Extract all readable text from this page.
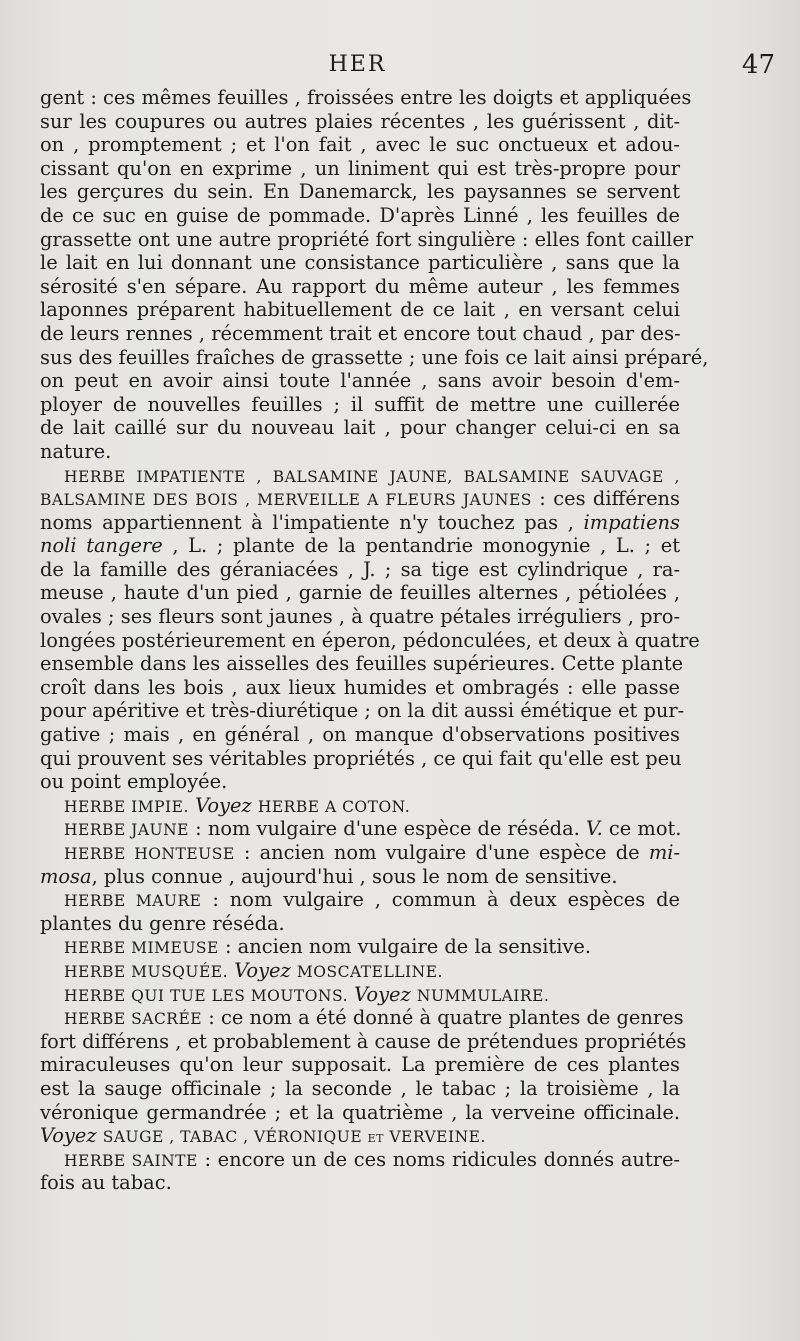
HER	47
gent : ces mêmes feuilles , froissées entre les doigts et appliquées
sur les coupures ou autres plaies récentes , les guérissent , dit-
on , promptement ; et l'on fait , avec le suc onctueux et adou-
cissant qu'on en exprime , un liniment qui est très-propre pour
les gerçures du sein. En Danemarck, les paysannes se servent
de ce suc en guise de pommade. D'après Linné , les feuilles de
grassette ont une autre propriété fort singulière : elles font cailler
le lait en lui donnant une consistance particulière , sans que la
sérosité s'en sépare. Au rapport du même auteur , les femmes
laponnes préparent habituellement de ce lait , en versant celui
de leurs rennes , récemment trait et encore tout chaud , par des-
sus des feuilles fraîches de grassette ; une fois ce lait ainsi préparé,
on peut en avoir ainsi toute l'année , sans avoir besoin d'em-
ployer de nouvelles feuilles ; il suffit de mettre une cuillerée
de lait caillé sur du nouveau lait , pour changer celui-ci en sa
nature.
HERBE IMPATIENTE , BALSAMINE JAUNE, BALSAMINE SAUVAGE ,
BALSAMINE DES BOIS , MERVEILLE A FLEURS JAUNES : ces différens
noms appartiennent à l'impatiente n'y touchez pas , impatiens
noli tangere , L. ; plante de la pentandrie monogynie , L. ; et
de la famille des géraniacées , J. ; sa tige est cylindrique , ra-
meuse , haute d'un pied , garnie de feuilles alternes , pétiolées ,
ovales ; ses fleurs sont jaunes , à quatre pétales irréguliers , pro-
longées postérieurement en éperon, pédonculées, et deux à quatre
ensemble dans les aisselles des feuilles supérieures. Cette plante
croît dans les bois , aux lieux humides et ombragés : elle passe
pour apéritive et très-diurétique ; on la dit aussi émétique et pur-
gative ; mais , en général , on manque d'observations positives
qui prouvent ses véritables propriétés , ce qui fait qu'elle est peu
ou point employée.
HERBE IMPIE. Voyez HERBE A COTON.
HERBE JAUNE : nom vulgaire d'une espèce de réséda. V. ce mot.
HERBE HONTEUSE : ancien nom vulgaire d'une espèce de mi-
mosa, plus connue , aujourd'hui , sous le nom de sensitive.
HERBE MAURE : nom vulgaire , commun à deux espèces de
plantes du genre réséda.
HERBE MIMEUSE : ancien nom vulgaire de la sensitive.
HERBE MUSQUÉE. Voyez MOSCATELLINE.
HERBE QUI TUE LES MOUTONS. Voyez NUMMULAIRE.
HERBE SACRÉE : ce nom a été donné à quatre plantes de genres
fort différens , et probablement à cause de prétendues propriétés
miraculeuses qu'on leur supposait. La première de ces plantes
est la sauge officinale ; la seconde , le tabac ; la troisième , la
véronique germandrée ; et la quatrième , la verveine officinale.
Voyez SAUGE , TABAC , VÉRONIQUE et VERVEINE.
HERBE SAINTE : encore un de ces noms ridicules donnés autre-
fois au tabac.
